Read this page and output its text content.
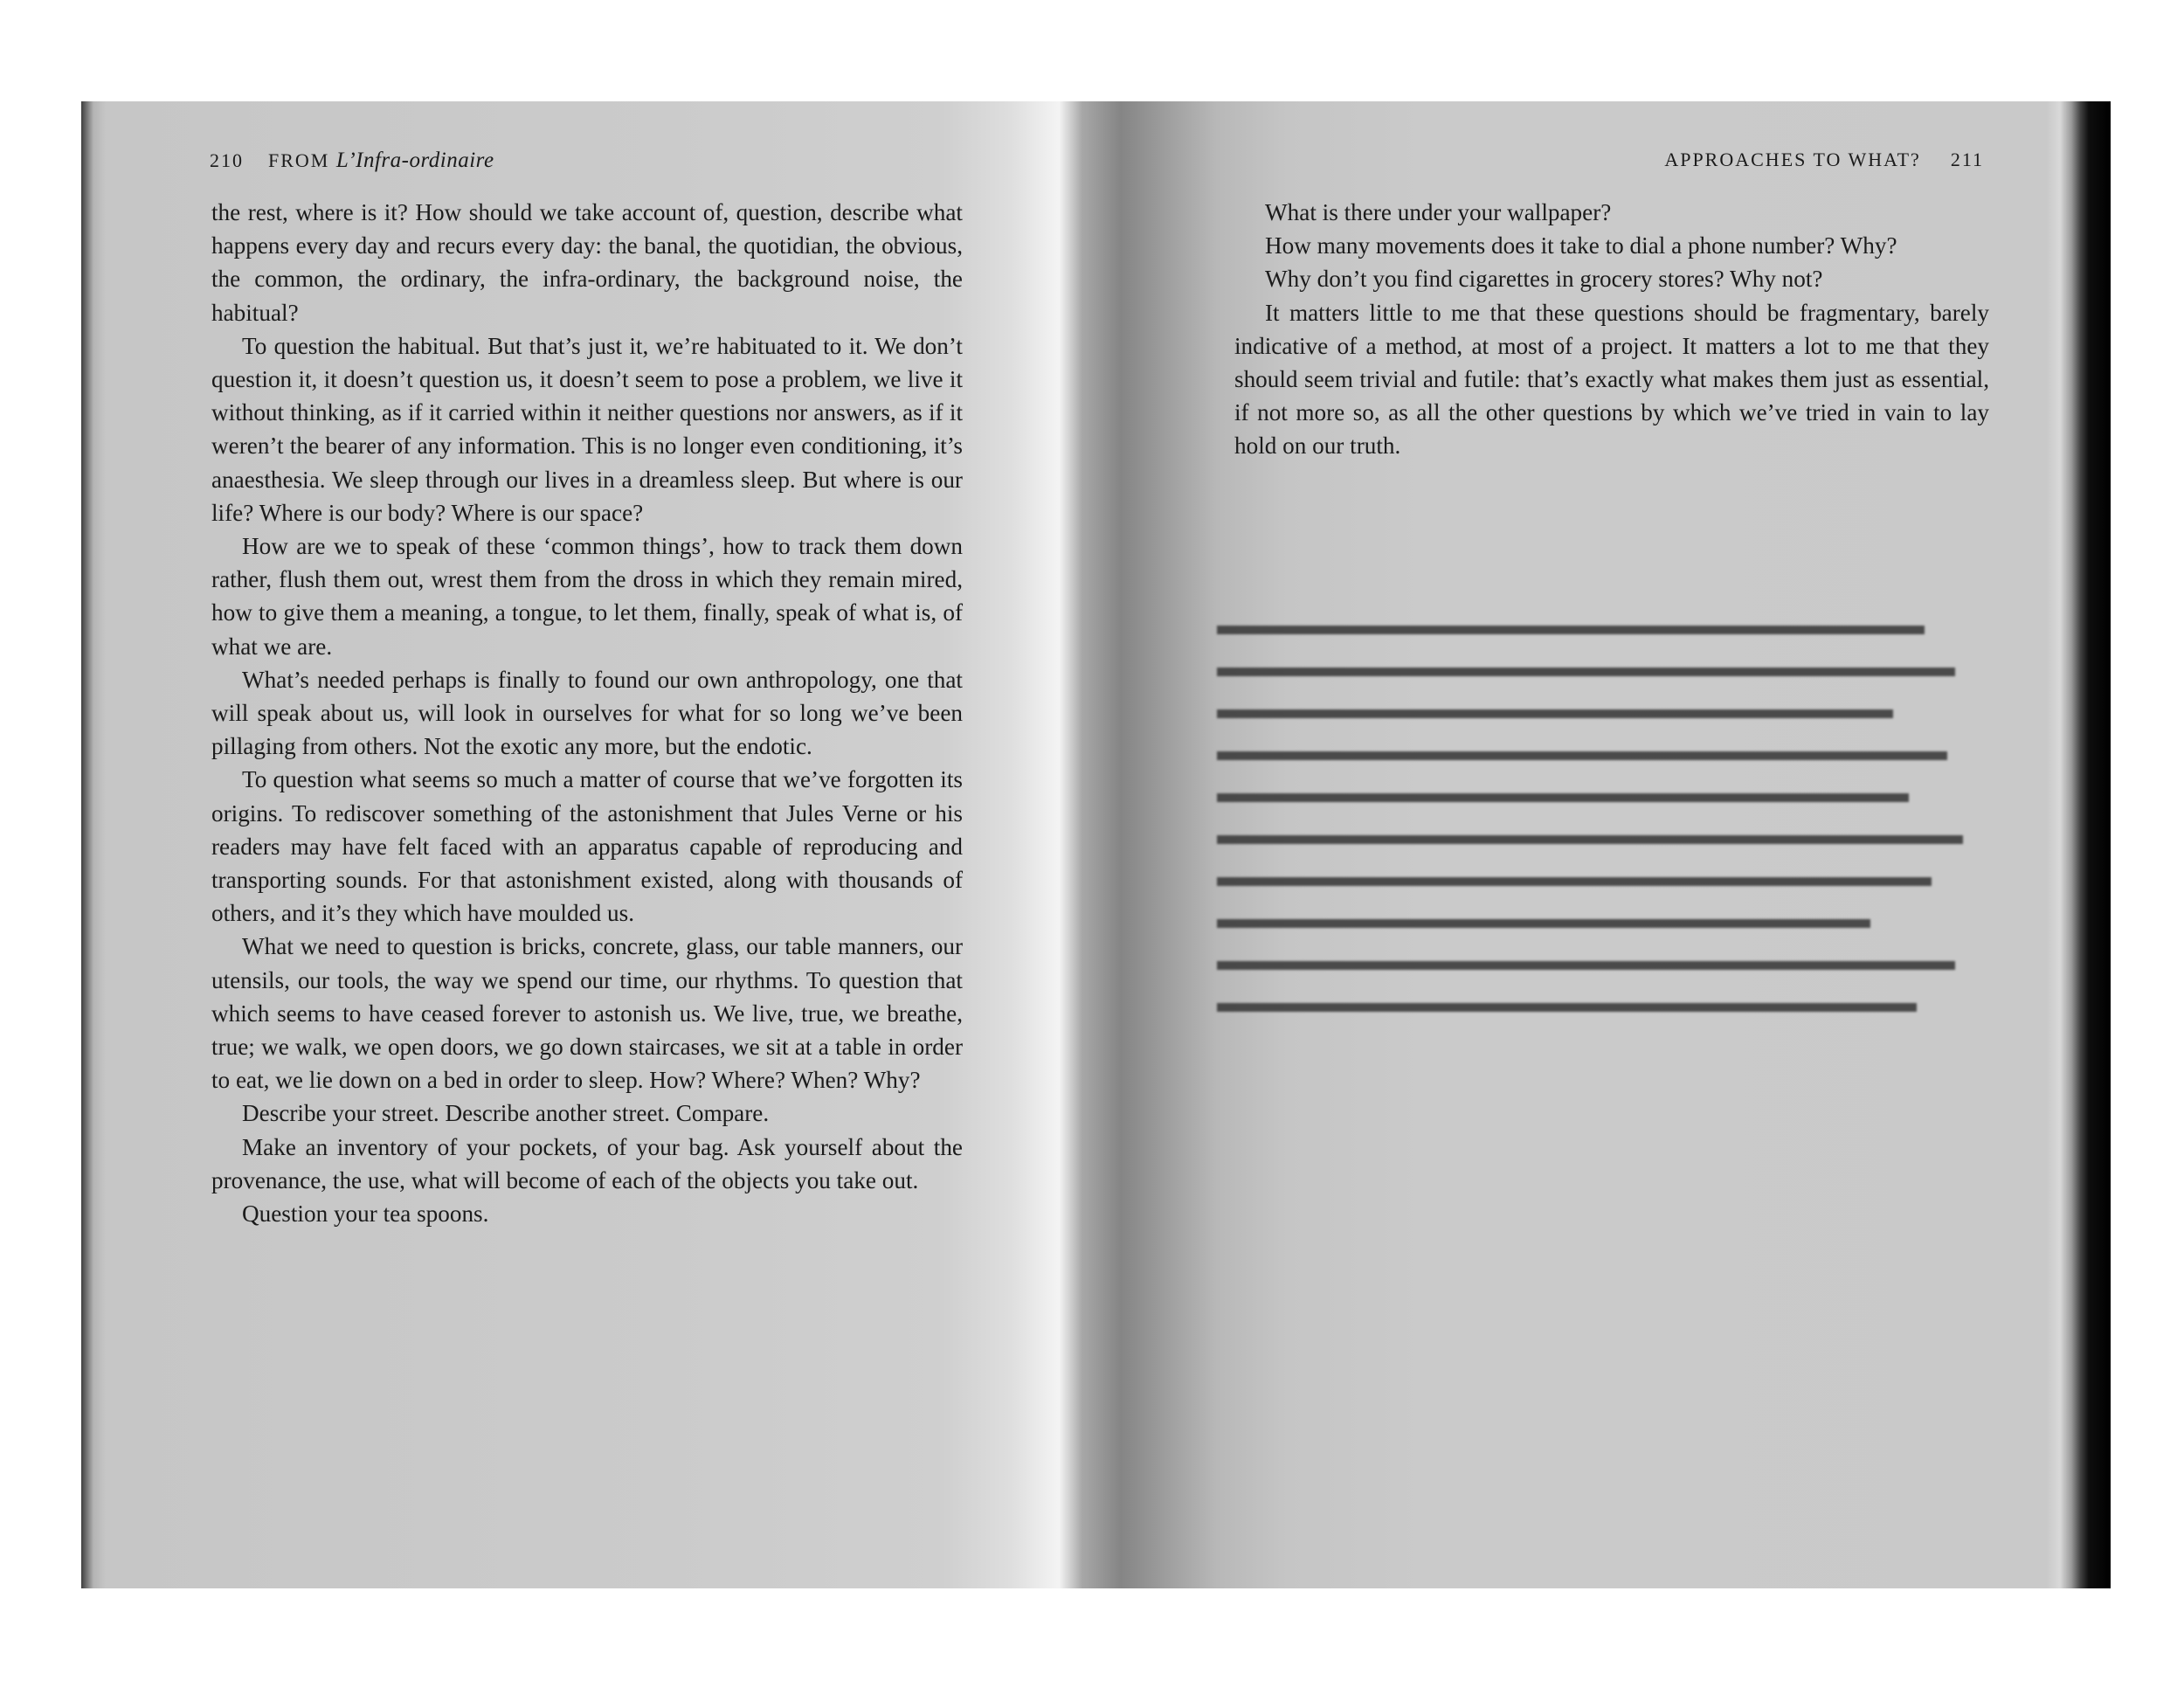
210 FROM L’Infra-ordinaire

the rest, where is it? How should we take account of, question, describe what happens every day and recurs every day: the banal, the quotidian, the obvious, the common, the ordinary, the infra-ordinary, the background noise, the habitual?

To question the habitual. But that’s just it, we’re habituated to it. We don’t question it, it doesn’t question us, it doesn’t seem to pose a problem, we live it without thinking, as if it carried within it neither questions nor answers, as if it weren’t the bearer of any information. This is no longer even conditioning, it’s anaesthesia. We sleep through our lives in a dreamless sleep. But where is our life? Where is our body? Where is our space?

How are we to speak of these ‘common things’, how to track them down rather, flush them out, wrest them from the dross in which they remain mired, how to give them a meaning, a tongue, to let them, finally, speak of what is, of what we are.

What’s needed perhaps is finally to found our own anthropology, one that will speak about us, will look in ourselves for what for so long we’ve been pillaging from others. Not the exotic any more, but the endotic.

To question what seems so much a matter of course that we’ve forgotten its origins. To rediscover something of the astonishment that Jules Verne or his readers may have felt faced with an apparatus capable of reproducing and transporting sounds. For that astonishment existed, along with thousands of others, and it’s they which have moulded us.

What we need to question is bricks, concrete, glass, our table manners, our utensils, our tools, the way we spend our time, our rhythms. To question that which seems to have ceased forever to astonish us. We live, true, we breathe, true; we walk, we open doors, we go down staircases, we sit at a table in order to eat, we lie down on a bed in order to sleep. How? Where? When? Why?

Describe your street. Describe another street. Compare.

Make an inventory of your pockets, of your bag. Ask yourself about the provenance, the use, what will become of each of the objects you take out.

Question your tea spoons.

APPROACHES TO WHAT? 211

What is there under your wallpaper?

How many movements does it take to dial a phone number? Why?

Why don’t you find cigarettes in grocery stores? Why not?

It matters little to me that these questions should be fragmentary, barely indicative of a method, at most of a project. It matters a lot to me that they should seem trivial and futile: that’s exactly what makes them just as essential, if not more so, as all the other questions by which we’ve tried in vain to lay hold on our truth.
